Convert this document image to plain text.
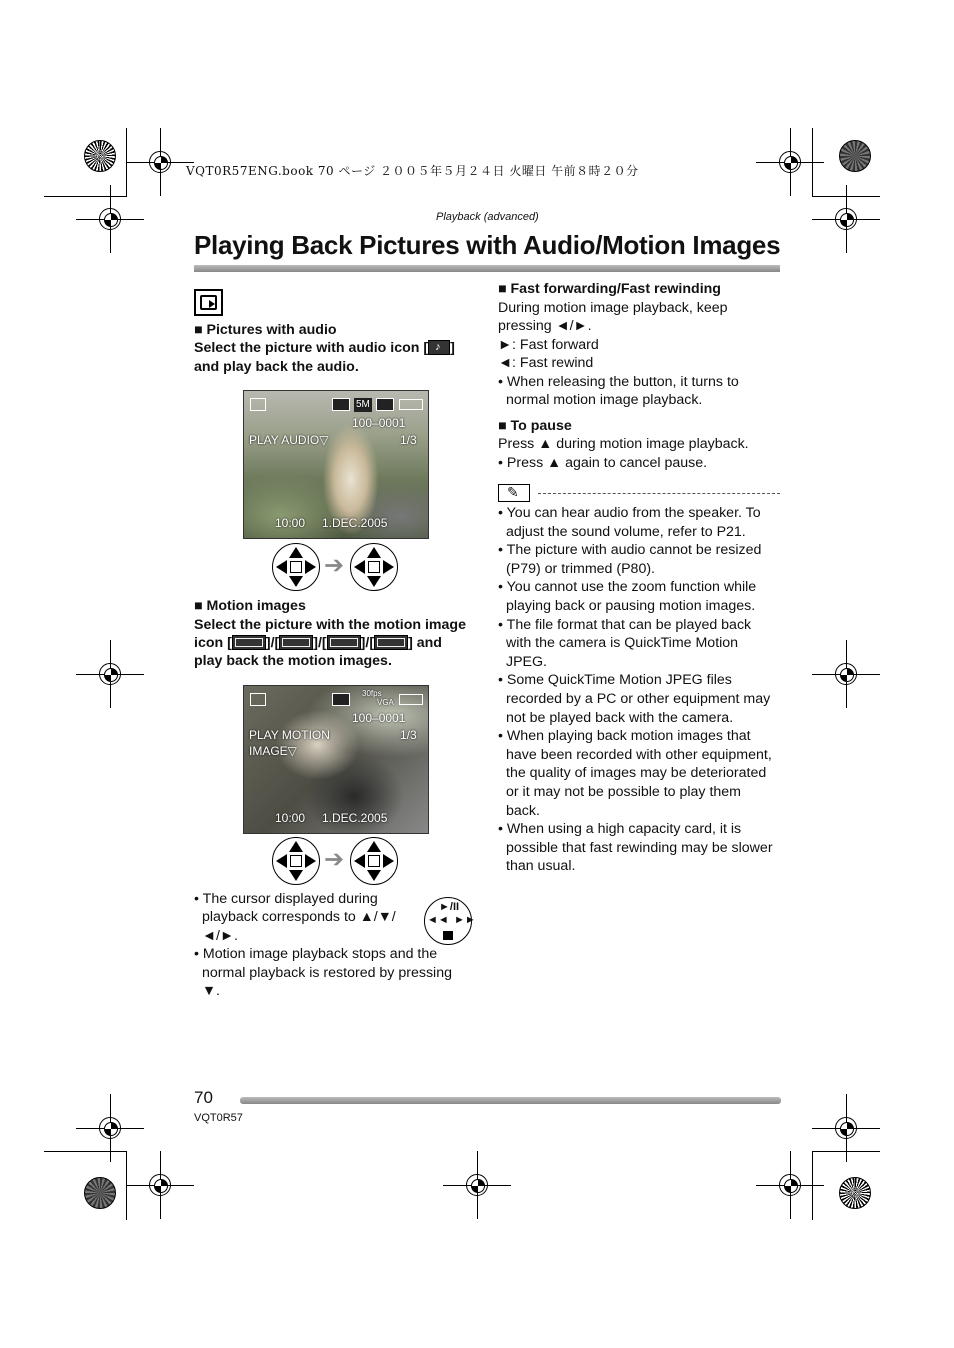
VQT0R57ENG.book 70 ページ ２００５年５月２４日 火曜日 午前８時２０分
Playback (advanced)
Playing Back Pictures with Audio/Motion Images
■ Pictures with audio
Select the picture with audio icon [♪ ]
and play back the audio.
5M
100–0001
PLAY AUDIO▽	1/3
10:00 1.DEC.2005
➔
■ Motion images
Select the picture with the motion image
icon [ ]/[ ]/[ ]/[ ] and
play back the motion images.
30fps
VGA
100–0001
PLAY MOTION
IMAGE▽
1/3
10:00 1.DEC.2005
➔
• The cursor displayed during
playback corresponds to ▲/▼/
◄/►.
►/II
◄◄ ►►
• Motion image playback stops and the
normal playback is restored by pressing
▼.
■ Fast forwarding/Fast rewinding
During motion image playback, keep
pressing ◄/►.
►: Fast forward
◄: Fast rewind
• When releasing the button, it turns to
normal motion image playback.
■ To pause
Press ▲ during motion image playback.
• Press ▲ again to cancel pause.
✎
• You can hear audio from the speaker. To
adjust the sound volume, refer to P21.
• The picture with audio cannot be resized
(P79) or trimmed (P80).
• You cannot use the zoom function while
playing back or pausing motion images.
• The file format that can be played back
with the camera is QuickTime Motion
JPEG.
• Some QuickTime Motion JPEG files
recorded by a PC or other equipment may
not be played back with the camera.
• When playing back motion images that
have been recorded with other equipment,
the quality of images may be deteriorated
or it may not be possible to play them
back.
• When using a high capacity card, it is
possible that fast rewinding may be slower
than usual.
70
VQT0R57
